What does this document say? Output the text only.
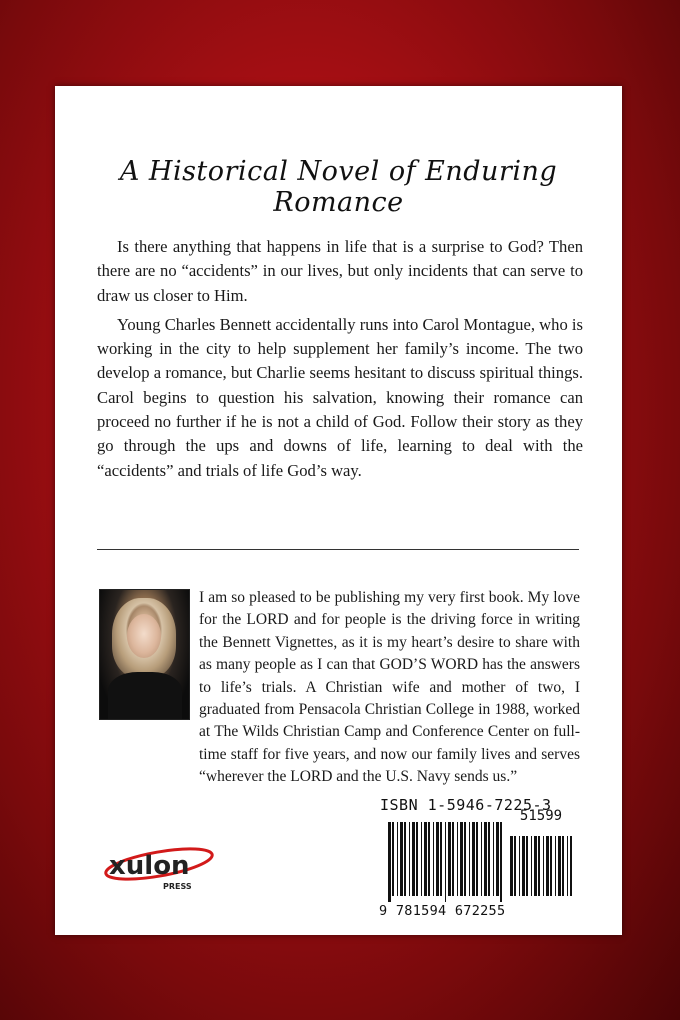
A Historical Novel of Enduring Romance

Is there anything that happens in life that is a surprise to God? Then there are no “accidents” in our lives, but only incidents that can serve to draw us closer to Him.

Young Charles Bennett accidentally runs into Carol Montague, who is working in the city to help supplement her family’s income. The two develop a romance, but Charlie seems hesitant to discuss spiritual things. Carol begins to question his salvation, knowing their romance can proceed no further if he is not a child of God. Follow their story as they go through the ups and downs of life, learning to deal with the “accidents” and trials of life God’s way.

I am so pleased to be publishing my very first book. My love for the LORD and for people is the driving force in writing the Bennett Vignettes, as it is my heart’s desire to share with as many people as I can that GOD’S WORD has the answers to life’s trials. A Christian wife and mother of two, I graduated from Pensacola Christian College in 1988, worked at The Wilds Christian Camp and Conference Center on full-time staff for five years, and now our family lives and serves “wherever the LORD and the U.S. Navy sends us.”

xulon
PRESS
ISBN 1-5946-7225-3
51599
9 781594 672255
